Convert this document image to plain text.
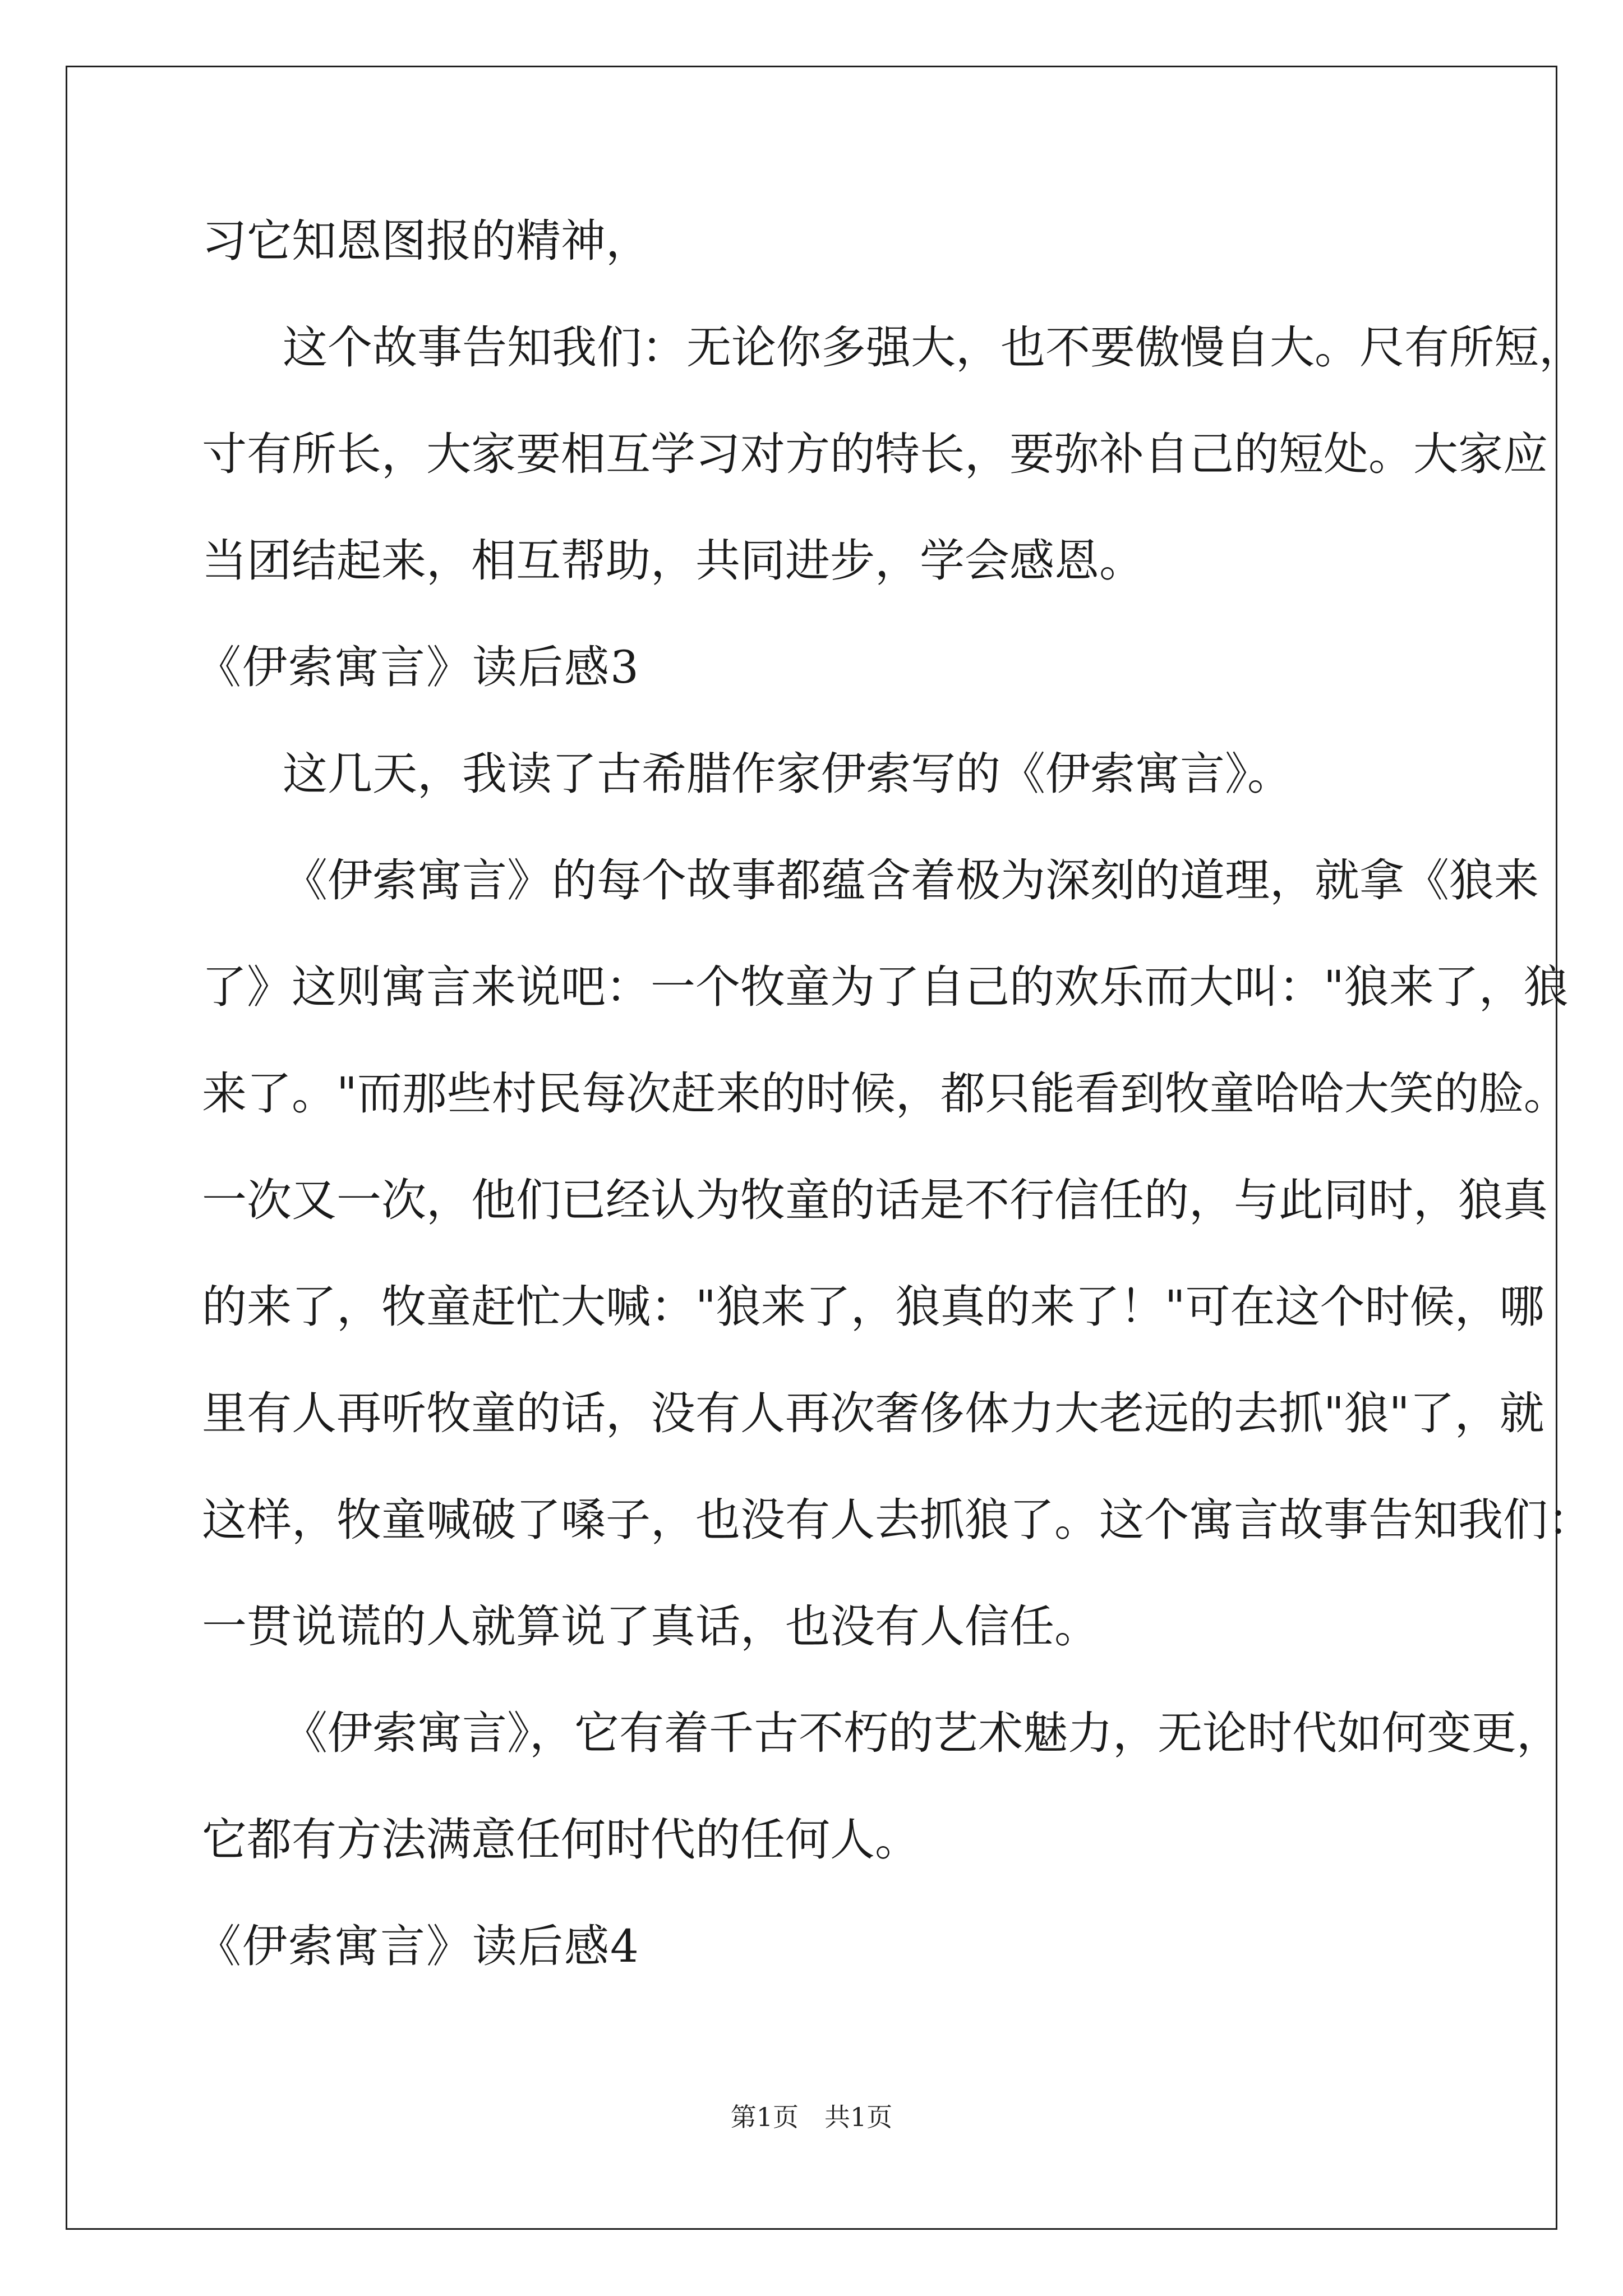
习它知恩图报的精神，
这个故事告知我们：无论你多强大，也不要傲慢自大。尺有所短，
寸有所长，大家要相互学习对方的特长，要弥补自己的短处。大家应
当团结起来，相互帮助，共同进步，学会感恩。
《伊索寓言》读后感3
这几天，我读了古希腊作家伊索写的《伊索寓言》。
《伊索寓言》的每个故事都蕴含着极为深刻的道理，就拿《狼来
了》这则寓言来说吧：一个牧童为了自己的欢乐而大叫："狼来了，狼
来了。"而那些村民每次赶来的时候，都只能看到牧童哈哈大笑的脸。
一次又一次，他们已经认为牧童的话是不行信任的，与此同时，狼真
的来了，牧童赶忙大喊："狼来了，狼真的来了！"可在这个时候，哪
里有人再听牧童的话，没有人再次奢侈体力大老远的去抓"狼"了，就
这样，牧童喊破了嗓子，也没有人去抓狼了。这个寓言故事告知我们：
一贯说谎的人就算说了真话，也没有人信任。
《伊索寓言》，它有着千古不朽的艺术魅力，无论时代如何变更，
它都有方法满意任何时代的任何人。
《伊索寓言》读后感4
第1页　共1页
